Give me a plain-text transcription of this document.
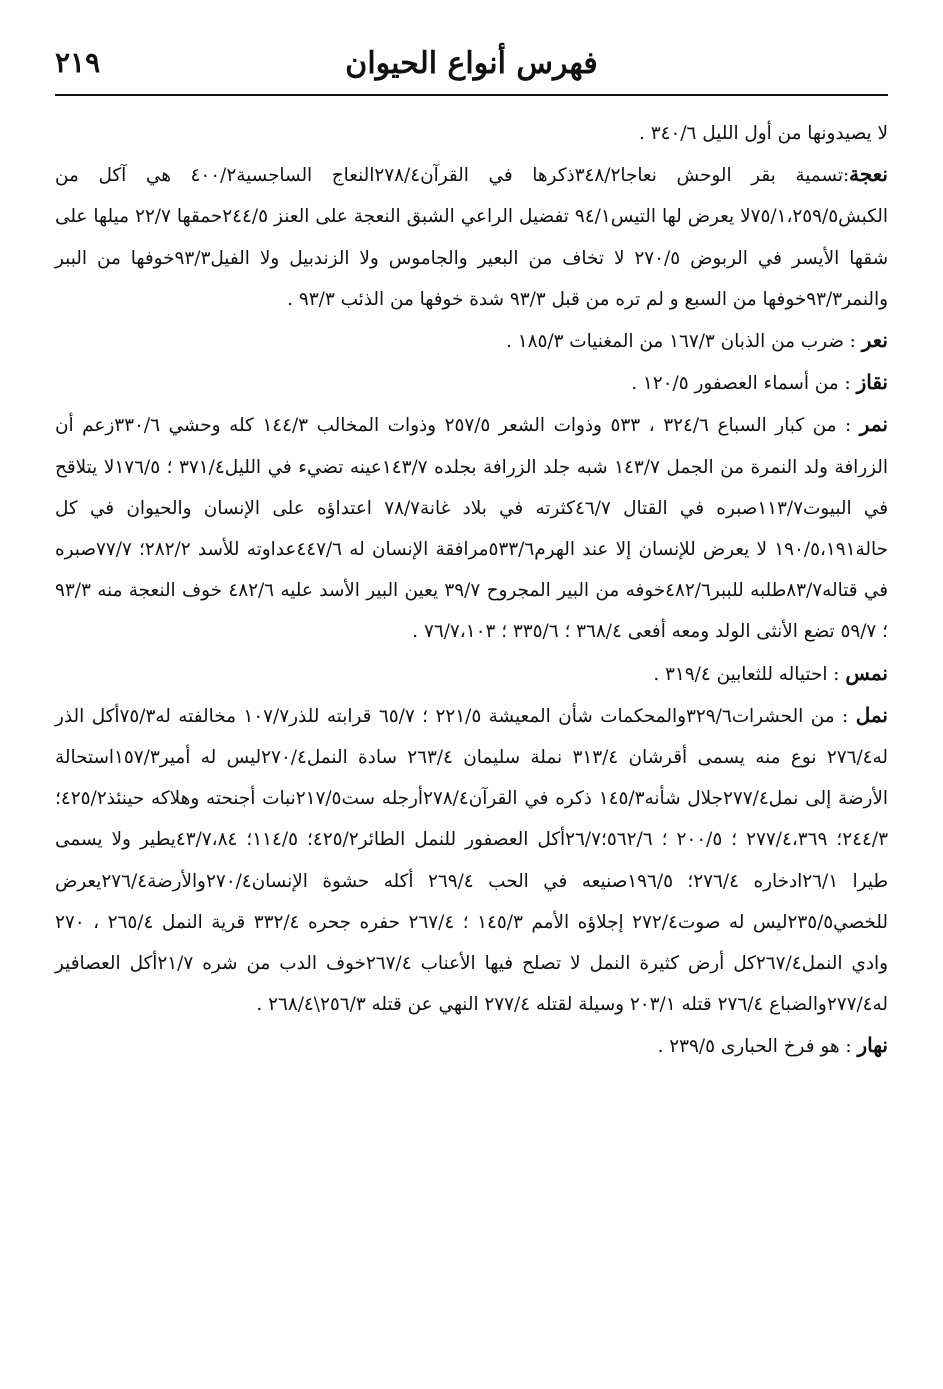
فهرس أنواع الحيوان
٢١٩

لا يصيدونها من أول الليل ٣٤٠/٦ .

نعجة:تسمية بقر الوحش نعاجا٣٤٨/٢ذكرها في القرآن٢٧٨/٤النعاج الساجسية٤٠٠/٢ هي آكل من الكبش٧٥/١،٢٥٩/٥لا يعرض لها التيس٩٤/١ تفضيل الراعي الشبق النعجة على العنز ٢٤٤/٥حمقها ٢٢/٧ ميلها على شقها الأيسر في الربوض ٢٧٠/٥ لا تخاف من البعير والجاموس ولا الزندبيل ولا الفيل٩٣/٣خوفها من الببر والنمر٩٣/٣خوفها من السبع و لم تره من قبل ٩٣/٣ شدة خوفها من الذئب ٩٣/٣ .

نعر : ضرب من الذبان ١٦٧/٣ من المغنيات ١٨٥/٣ .

نقاز : من أسماء العصفور ١٢٠/٥ .

نمر : من كبار السباع ٣٢٤/٦ ، ٥٣٣ وذوات الشعر ٢٥٧/٥ وذوات المخالب ١٤٤/٣ كله وحشي ٣٣٠/٦زعم أن الزرافة ولد النمرة من الجمل ١٤٣/٧ شبه جلد الزرافة بجلده ١٤٣/٧عينه تضيء في الليل٣٧١/٤ ؛ ١٧٦/٥لا يتلاقح في البيوت١١٣/٧صبره في القتال ٤٦/٧كثرته في بلاد غانة٧٨/٧ اعتداؤه على الإنسان والحيوان في كل حالة١٩٠/٥،١٩١ لا يعرض للإنسان إلا عند الهرم٥٣٣/٦مرافقة الإنسان له ٤٤٧/٦عداوته للأسد ٢٨٢/٢؛ ٧٧/٧صبره في قتاله٨٣/٧طلبه للببر٤٨٢/٦خوفه من البير المجروح ٣٩/٧ يعين البير الأسد عليه ٤٨٢/٦ خوف النعجة منه ٩٣/٣ ؛ ٥٩/٧ تضع الأنثى الولد ومعه أفعى ٣٦٨/٤ ؛ ٣٣٥/٦ ؛ ٧٦/٧،١٠٣ .

نمس : احتياله للثعابين ٣١٩/٤ .

نمل : من الحشرات٣٢٩/٦والمحكمات شأن المعيشة ٢٢١/٥ ؛ ٦٥/٧ قرابته للذر١٠٧/٧ مخالفته له٧٥/٣أكل الذر له٢٧٦/٤ نوع منه يسمى أقرشان ٣١٣/٤ نملة سليمان ٢٦٣/٤ سادة النمل٢٧٠/٤ليس له أمير١٥٧/٣استحالة الأرضة إلى نمل٢٧٧/٤جلال شأنه١٤٥/٣ ذكره في القرآن٢٧٨/٤أرجله ست٢١٧/٥نبات أجنحته وهلاكه حينئذ٤٢٥/٢؛٢٤٤/٣؛ ٢٧٧/٤،٣٦٩ ؛ ٢٠٠/٥ ؛ ٥٦٢/٦؛٢٦/٧أكل العصفور للنمل الطائر٤٢٥/٢؛ ١١٤/٥؛ ٤٣/٧،٨٤يطير ولا يسمى طيرا ٢٦/١ادخاره ٢٧٦/٤؛ ١٩٦/٥صنيعه في الحب ٢٦٩/٤ أكله حشوة الإنسان٢٧٠/٤والأرضة٢٧٦/٤يعرض للخصي٢٣٥/٥ليس له صوت٢٧٢/٤ إجلاؤه الأمم ١٤٥/٣ ؛ ٢٦٧/٤ حفره جحره ٣٣٢/٤ قرية النمل ٢٦٥/٤ ، ٢٧٠ وادي النمل٢٦٧/٤كل أرض كثيرة النمل لا تصلح فيها الأعناب ٢٦٧/٤خوف الدب من شره ٢١/٧أكل العصافير له٢٧٧/٤والضباع ٢٧٦/٤ قتله ٢٠٣/١ وسيلة لقتله ٢٧٧/٤ النهي عن قتله ٢٥٦/٣\٢٦٨/٤ .

نهار : هو فرخ الحبارى ٢٣٩/٥ .
